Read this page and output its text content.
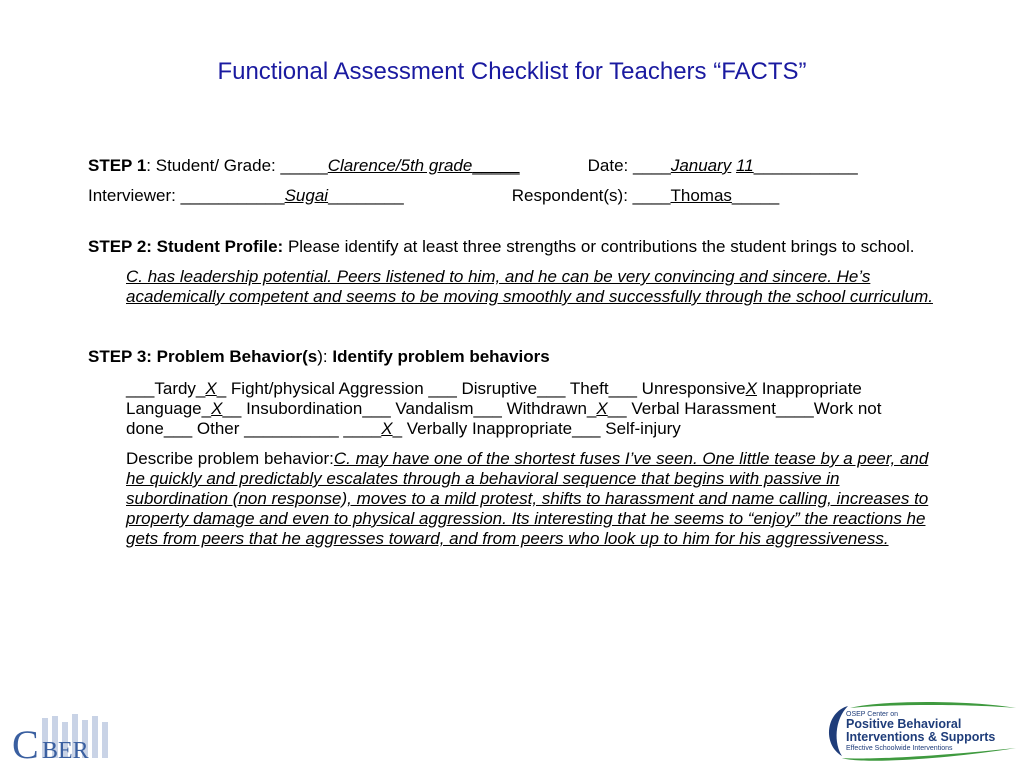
Functional Assessment Checklist for Teachers “FACTS”
STEP 1: Student/ Grade: _____Clarence/5th grade_____	Date: ____January 11___________
Interviewer: ___________Sugai________	Respondent(s): ____Thomas_____
STEP 2: Student Profile: Please identify at least three strengths or contributions the student brings to school.
C. has leadership potential. Peers listened to him, and he can be very convincing and sincere. He’s academically competent and seems to be moving smoothly and successfully through the school curriculum.
STEP 3: Problem Behavior(s): Identify problem behaviors
___Tardy_X_ Fight/physical Aggression ___ Disruptive___ Theft___ UnresponsiveX Inappropriate Language_X__ Insubordination___ Vandalism___ Withdrawn_X__ Verbal Harassment____Work not done___ Other __________ ____X_ Verbally Inappropriate___ Self-injury
Describe problem behavior:C. may have one of the shortest fuses I’ve seen. One little tease by a peer, and he quickly and predictably escalates through a behavioral sequence that begins with passive in subordination (non response), moves to a mild protest, shifts to harassment and name calling, increases to property damage and even to physical aggression. Its interesting that he seems to “enjoy” the reactions he gets from peers that he aggresses toward, and from peers who look up to him for his aggressiveness.
C BER
OSEP Center on
Positive Behavioral
Interventions & Supports
Effective Schoolwide Interventions
